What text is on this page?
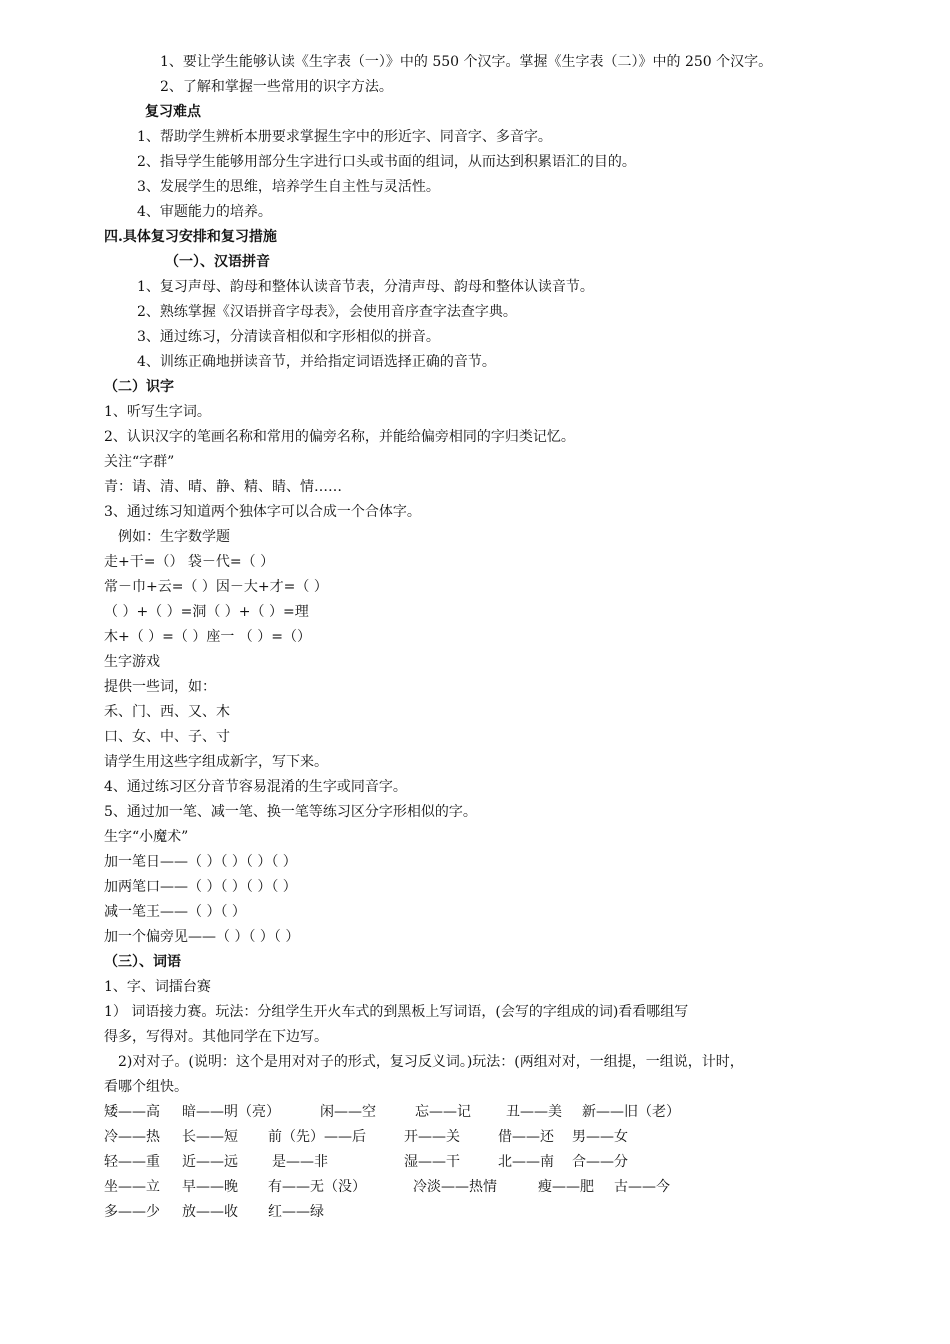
1、要让学生能够认读《生字表（一）》中的 550 个汉字。掌握《生字表（二）》中的 250 个汉字。

2、了解和掌握一些常用的识字方法。

复习难点

1、帮助学生辨析本册要求掌握生字中的形近字、同音字、多音字。

2、指导学生能够用部分生字进行口头或书面的组词，从而达到积累语汇的目的。

3、发展学生的思维，培养学生自主性与灵活性。

4、审题能力的培养。

四.具体复习安排和复习措施

（一）、汉语拼音

1、复习声母、韵母和整体认读音节表，分清声母、韵母和整体认读音节。

2、熟练掌握《汉语拼音字母表》，会使用音序查字法查字典。

3、通过练习，分清读音相似和字形相似的拼音。

4、训练正确地拼读音节，并给指定词语选择正确的音节。

（二）识字

1、听写生字词。

2、认识汉字的笔画名称和常用的偏旁名称，并能给偏旁相同的字归类记忆。

关注“字群”

青：请、清、晴、静、精、睛、情……

3、通过练习知道两个独体字可以合成一个合体字。

例如：生字数学题

走+干=（） 袋－代=（ ）

常－巾+云=（ ）因－大+才=（ ）

（ ）+（ ）=洞（ ）+（ ）=理

木+（ ）=（ ）座一 （ ）=（）

生字游戏

提供一些词，如：

禾、门、西、又、木

口、女、中、子、寸

请学生用这些字组成新字，写下来。

4、通过练习区分音节容易混淆的生字或同音字。

5、通过加一笔、减一笔、换一笔等练习区分字形相似的字。

生字“小魔术”

加一笔日——（ ）（ ）（ ）（ ）

加两笔口——（ ）（ ）（ ）（ ）

减一笔王——（ ）（ ）

加一个偏旁见——（ ）（ ）（ ）

（三）、词语

1、字、词擂台赛

1） 词语接力赛。玩法：分组学生开火车式的到黑板上写词语，(会写的字组成的词)看看哪组写

得多，写得对。其他同学在下边写。

2)对对子。(说明：这个是用对对子的形式，复习反义词。)玩法：(两组对对，一组提，一组说，计时，

看哪个组快。

矮——高 暗——明（亮）	闲——空	忘——记	丑——美 新——旧（老）
冷——热 长——短 前（先）——后	开——关	借——还 男——女
轻——重 近——远 是——非	湿——干	北——南 合——分
坐——立 早——晚 有——无（没）	冷淡——热情	瘦——肥 古——今
多——少 放——收 红——绿
